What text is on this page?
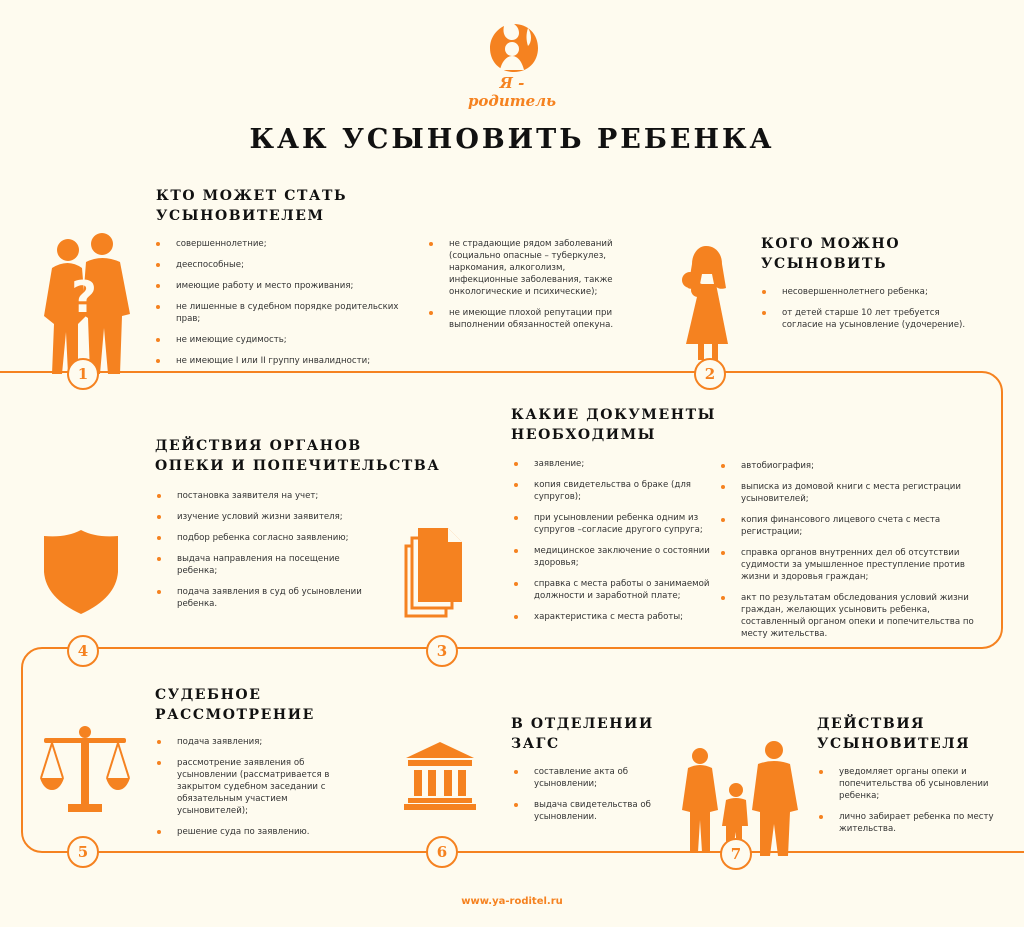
Я - родитель
КАК УСЫНОВИТЬ РЕБЕНКА

КТО МОЖЕТ СТАТЬ
УСЫНОВИТЕЛЕМ

совершеннолетние;
дееспособные;
имеющие работу и место проживания;
не лишенные в судебном порядке родительских прав;
не имеющие судимость;
не имеющие I или II группу инвалидности;
не страдающие рядом заболеваний (социально опасные – туберкулез, наркомания, алкоголизм, инфекционные заболевания, также онкологические и психические);
не имеющие плохой репутации при выполнении обязанностей опекуна.
?
1

КОГО МОЖНО
УСЫНОВИТЬ

несовершеннолетнего ребенка;
от детей старше 10 лет требуется согласие на усыновление (удочерение).
2

КАКИЕ ДОКУМЕНТЫ
НЕОБХОДИМЫ

заявление;
копия свидетельства о браке (для супругов);
при усыновлении ребенка одним из супругов –согласие другого супруга;
медицинское заключение о состоянии здоровья;
справка с места работы о занимаемой должности и заработной плате;
характеристика с места работы;
автобиография;
выписка из домовой книги с места регистрации усыновителей;
копия финансового лицевого счета с места регистрации;
справка органов внутренних дел об отсутствии судимости за умышленное преступление против жизни и здоровья граждан;
акт по результатам обследования условий жизни граждан, желающих усыновить ребенка, составленный органом опеки и попечительства по месту жительства.
3

ДЕЙСТВИЯ ОРГАНОВ
ОПЕКИ И ПОПЕЧИТЕЛЬСТВА

постановка заявителя на учет;
изучение условий жизни заявителя;
подбор ребенка согласно заявлению;
выдача направления на посещение ребенка;
подача заявления в суд об усыновлении ребенка.
4

СУДЕБНОЕ
РАССМОТРЕНИЕ

подача заявления;
рассмотрение заявления об усыновлении (рассматривается в закрытом судебном заседании с обязательным участием усыновителей);
решение суда по заявлению.
5

В ОТДЕЛЕНИИ
ЗАГС

составление акта об усыновлении;
выдача свидетельства об усыновлении.
6

ДЕЙСТВИЯ
УСЫНОВИТЕЛЯ

уведомляет органы опеки и попечительства об усыновлении ребенка;
лично забирает ребенка по месту жительства.
7
www.ya-roditel.ru
